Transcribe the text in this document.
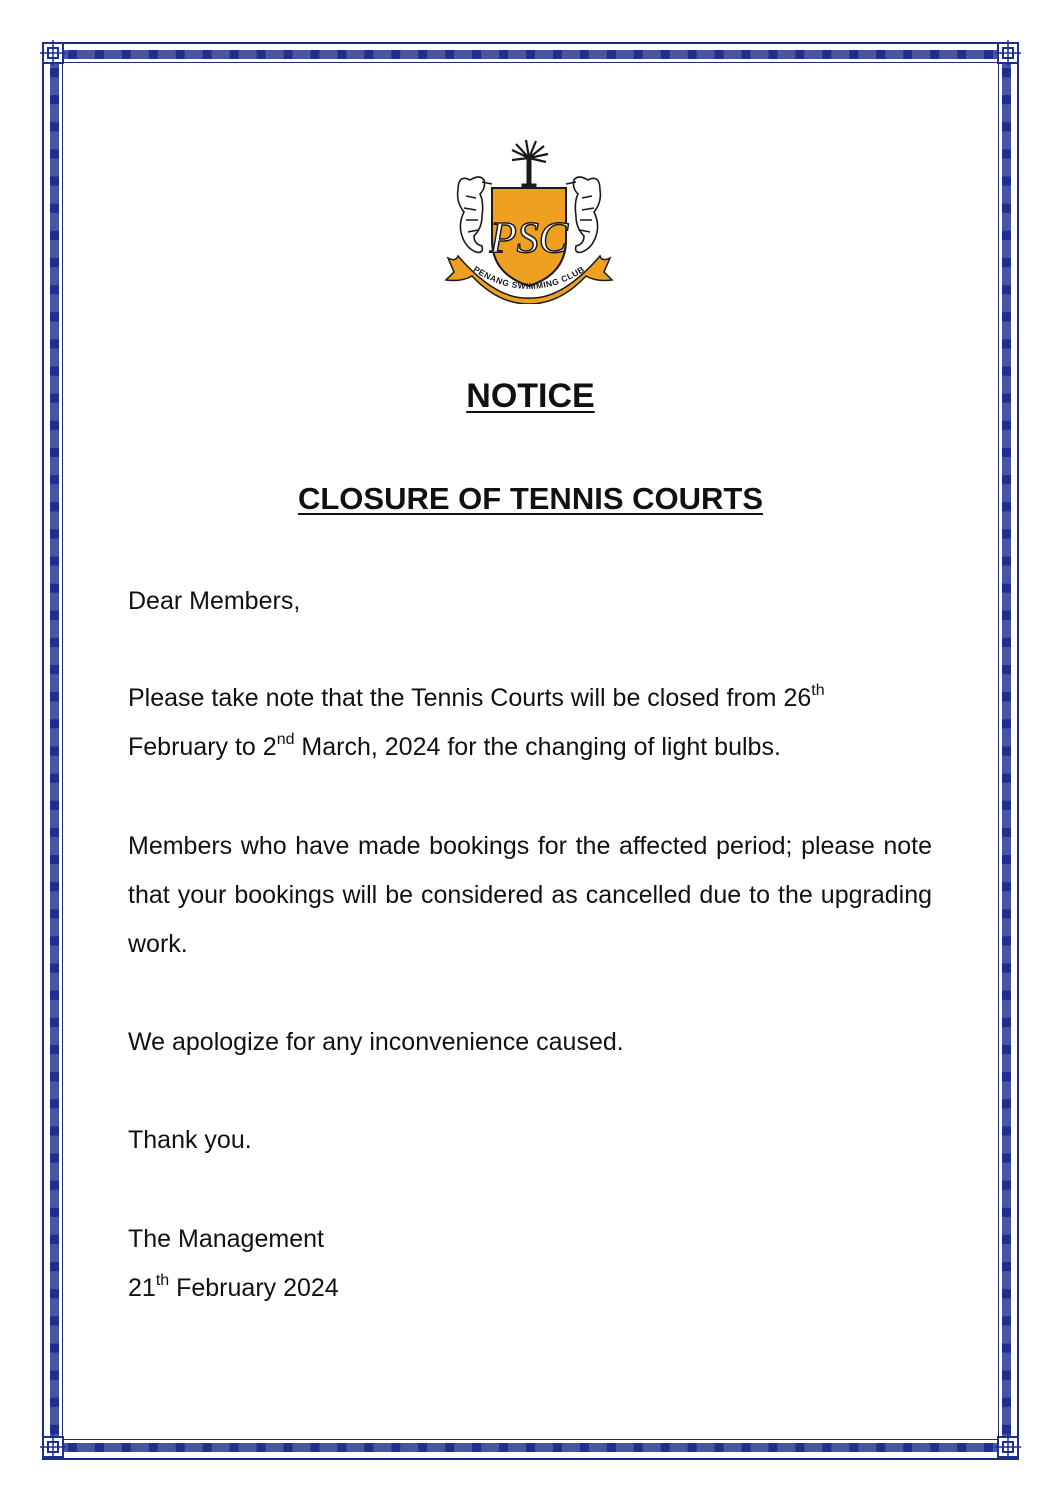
PSC
PENANG SWIMMING CLUB
NOTICE
CLOSURE OF TENNIS COURTS
Dear Members,
Please take note that the Tennis Courts will be closed from 26th
February to 2nd March, 2024 for the changing of light bulbs.
Members who have made bookings for the affected period; please note that your bookings will be considered as cancelled due to the upgrading work.
We apologize for any inconvenience caused.
Thank you.
The Management
21th February 2024
